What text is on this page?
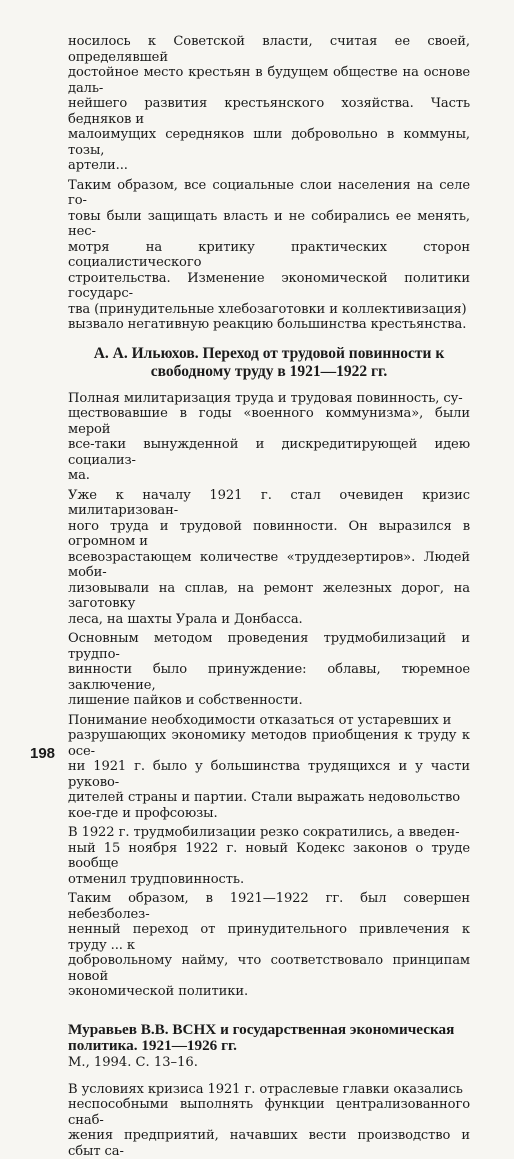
носилось к Советской власти, считая ее своей, определявшей
достойное место крестьян в будущем обществе на основе даль-
нейшего развития крестьянского хозяйства. Часть бедняков и
малоимущих середняков шли добровольно в коммуны, тозы,
артели...

Таким образом, все социальные слои населения на селе го-
товы были защищать власть и не собирались ее менять, нес-
мотря на критику практических сторон социалистического
строительства. Изменение экономической политики государс-
тва (принудительные хлебозаготовки и коллективизация)
вызвало негативную реакцию большинства крестьянства.

А. А. Ильюхов. Переход от трудовой повинности к
свободному труду в 1921—1922 гг.

Полная милитаризация труда и трудовая повинность, су-
ществовавшие в годы «военного коммунизма», были мерой
все-таки вынужденной и дискредитирующей идею социализ-
ма.

Уже к началу 1921 г. стал очевиден кризис милитаризован-
ного труда и трудовой повинности. Он выразился в огромном и
всевозрастающем количестве «труддезертиров». Людей моби-
лизовывали на сплав, на ремонт железных дорог, на заготовку
леса, на шахты Урала и Донбасса.

Основным методом проведения трудмобилизаций и трудпо-
винности было принуждение: облавы, тюремное заключение,
лишение пайков и собственности.

Понимание необходимости отказаться от устаревших и
разрушающих экономику методов приобщения к труду к осе-
ни 1921 г. было у большинства трудящихся и у части руково-
дителей страны и партии. Стали выражать недовольство
кое-где и профсоюзы.

В 1922 г. трудмобилизации резко сократились, а введен-
ный 15 ноября 1922 г. новый Кодекс законов о труде вообще
отменил трудповинность.

Таким образом, в 1921—1922 гг. был совершен небезболез-
ненный переход от принудительного привлечения к труду ... к
добровольному найму, что соответствовало принципам новой
экономической политики.

Муравьев В.В. ВСНХ и государственная экономическая
политика. 1921—1926 гг.

М., 1994. С. 13–16.

В условиях кризиса 1921 г. отраслевые главки оказались
неспособными выполнять функции централизованного снаб-
жения предприятий, начавших вести производство и сбыт са-

198
